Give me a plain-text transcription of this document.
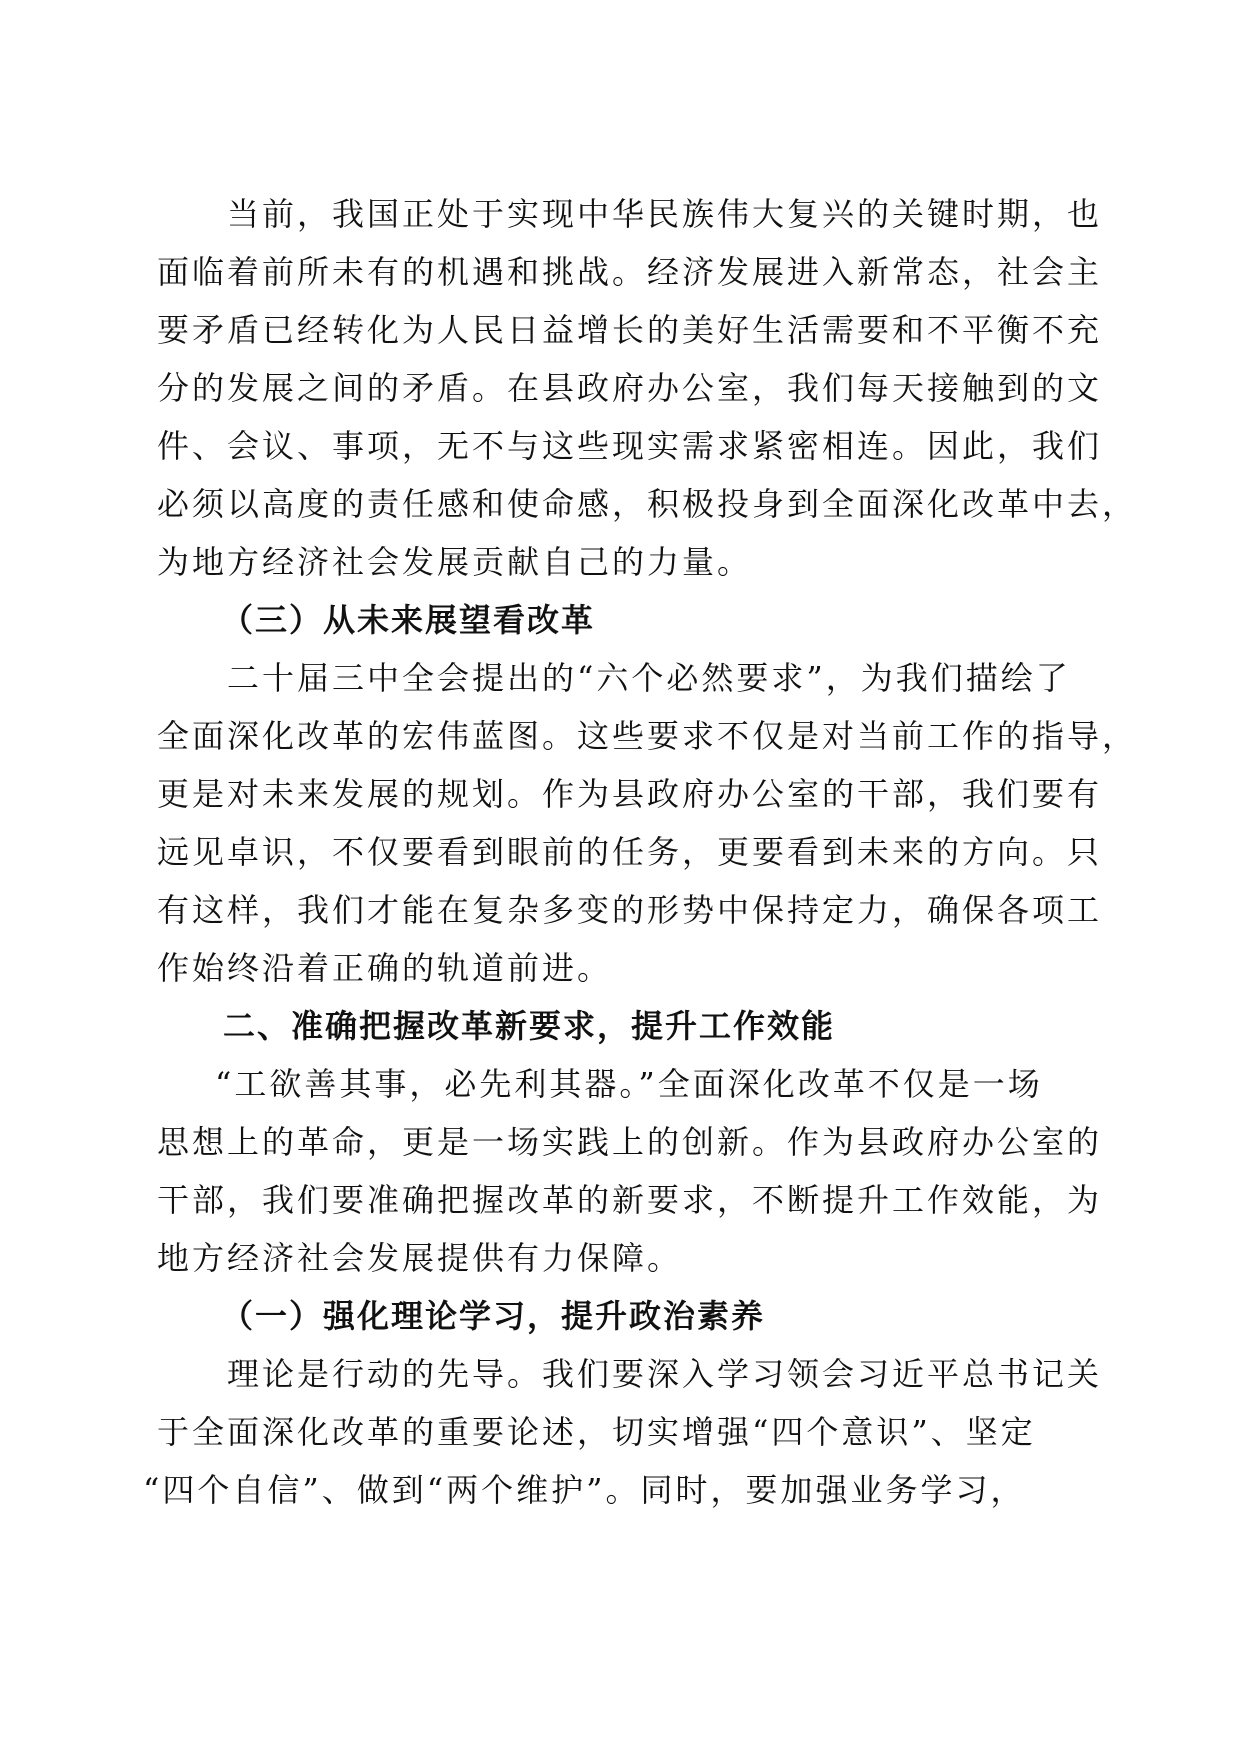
当前，我国正处于实现中华民族伟大复兴的关键时期，也
面临着前所未有的机遇和挑战。经济发展进入新常态，社会主
要矛盾已经转化为人民日益增长的美好生活需要和不平衡不充
分的发展之间的矛盾。在县政府办公室，我们每天接触到的文
件、会议、事项，无不与这些现实需求紧密相连。因此，我们
必须以高度的责任感和使命感，积极投身到全面深化改革中去，
为地方经济社会发展贡献自己的力量。
（三）从未来展望看改革
二十届三中全会提出的“六个必然要求”，为我们描绘了
全面深化改革的宏伟蓝图。这些要求不仅是对当前工作的指导，
更是对未来发展的规划。作为县政府办公室的干部，我们要有
远见卓识，不仅要看到眼前的任务，更要看到未来的方向。只
有这样，我们才能在复杂多变的形势中保持定力，确保各项工
作始终沿着正确的轨道前进。
二、准确把握改革新要求，提升工作效能
“工欲善其事，必先利其器。”全面深化改革不仅是一场
思想上的革命，更是一场实践上的创新。作为县政府办公室的
干部，我们要准确把握改革的新要求，不断提升工作效能，为
地方经济社会发展提供有力保障。
（一）强化理论学习，提升政治素养
理论是行动的先导。我们要深入学习领会习近平总书记关
于全面深化改革的重要论述，切实增强“四个意识”、坚定
“四个自信”、做到“两个维护”。同时，要加强业务学习，
